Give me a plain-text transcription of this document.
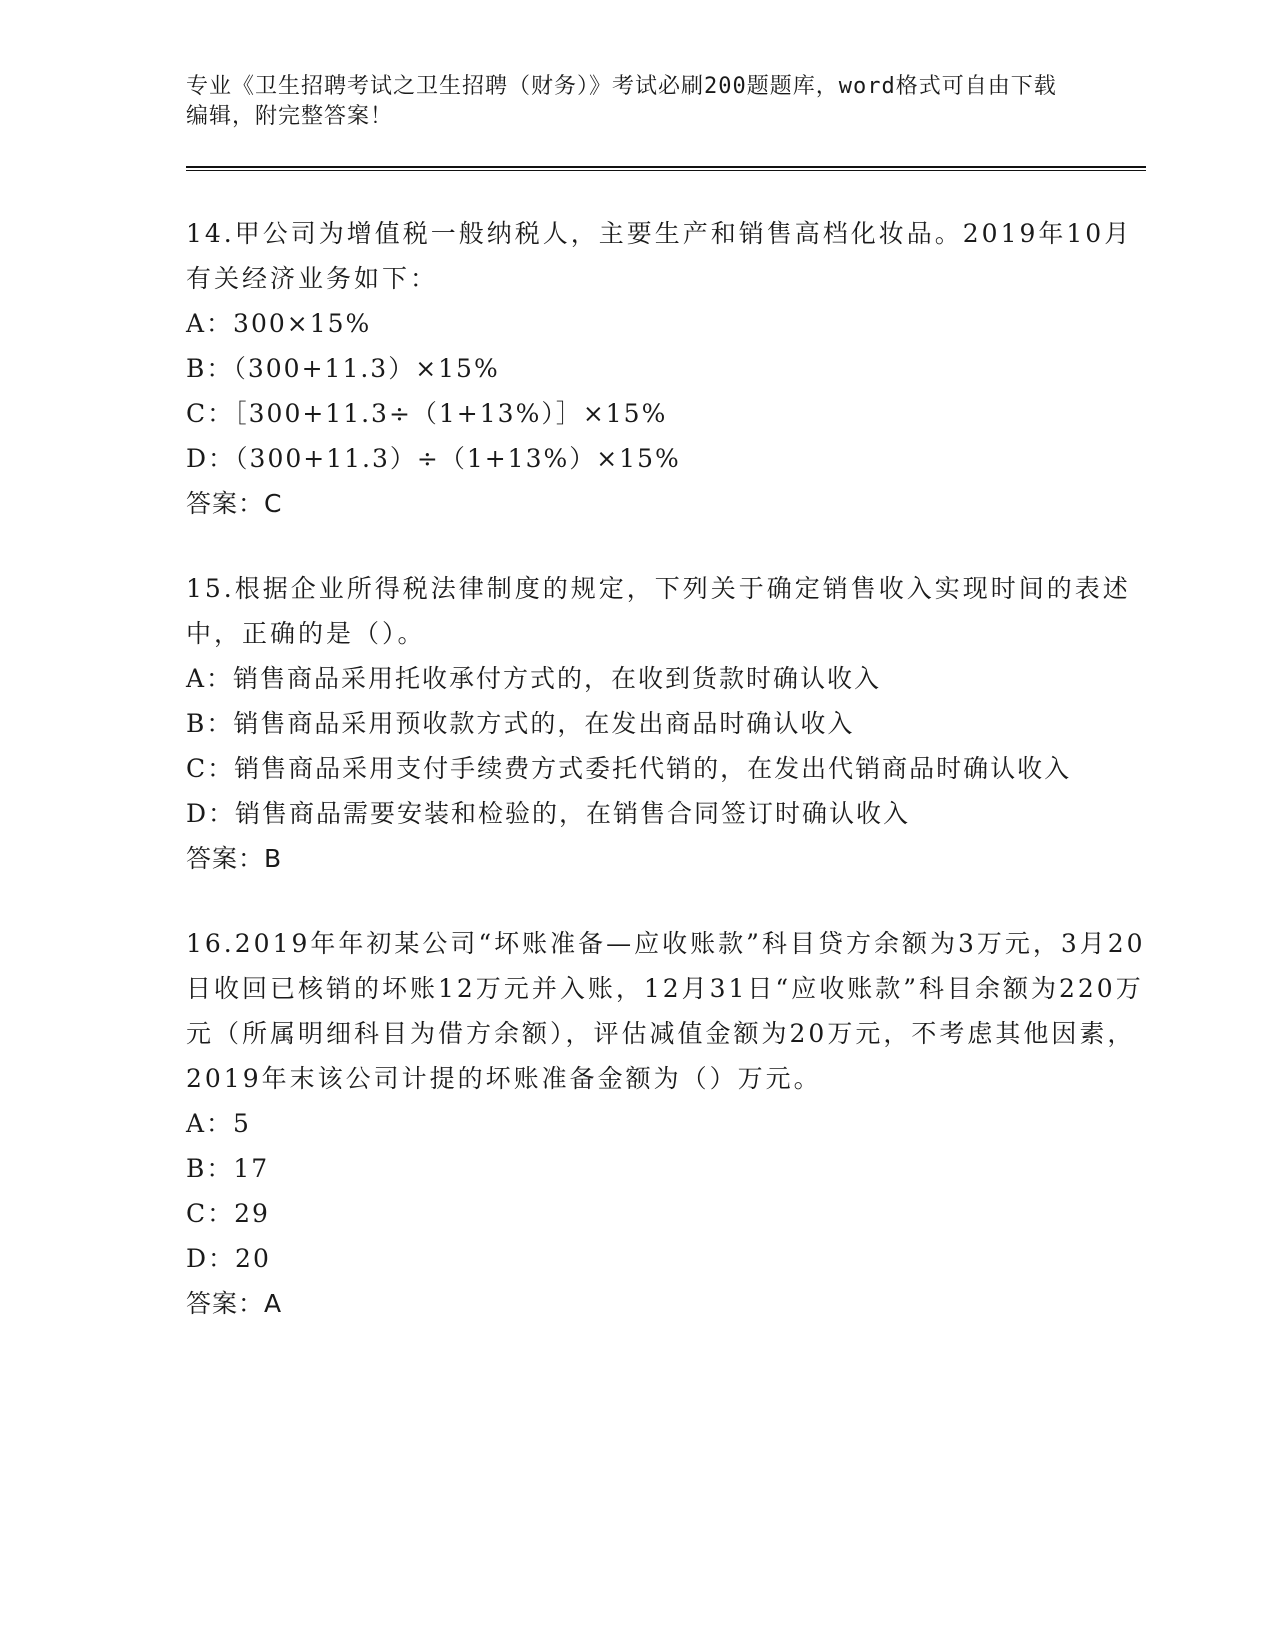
专业《卫生招聘考试之卫生招聘（财务）》考试必刷200题题库，word格式可自由下载编辑，附完整答案！

14.甲公司为增值税一般纳税人，主要生产和销售高档化妆品。2019年10月有关经济业务如下：

A：300×15%
B：（300+11.3）×15%
C：［300+11.3÷（1+13%）］×15%
D：（300+11.3）÷（1+13%）×15%
答案：C

15.根据企业所得税法律制度的规定，下列关于确定销售收入实现时间的表述中，正确的是（）。

A：销售商品采用托收承付方式的，在收到货款时确认收入
B：销售商品采用预收款方式的，在发出商品时确认收入
C：销售商品采用支付手续费方式委托代销的，在发出代销商品时确认收入
D：销售商品需要安装和检验的，在销售合同签订时确认收入
答案：B

16.2019年年初某公司“坏账准备—应收账款”科目贷方余额为3万元，3月20日收回已核销的坏账12万元并入账，12月31日“应收账款”科目余额为220万元（所属明细科目为借方余额），评估减值金额为20万元，不考虑其他因素，2019年末该公司计提的坏账准备金额为（）万元。

A：5
B：17
C：29
D：20
答案：A
